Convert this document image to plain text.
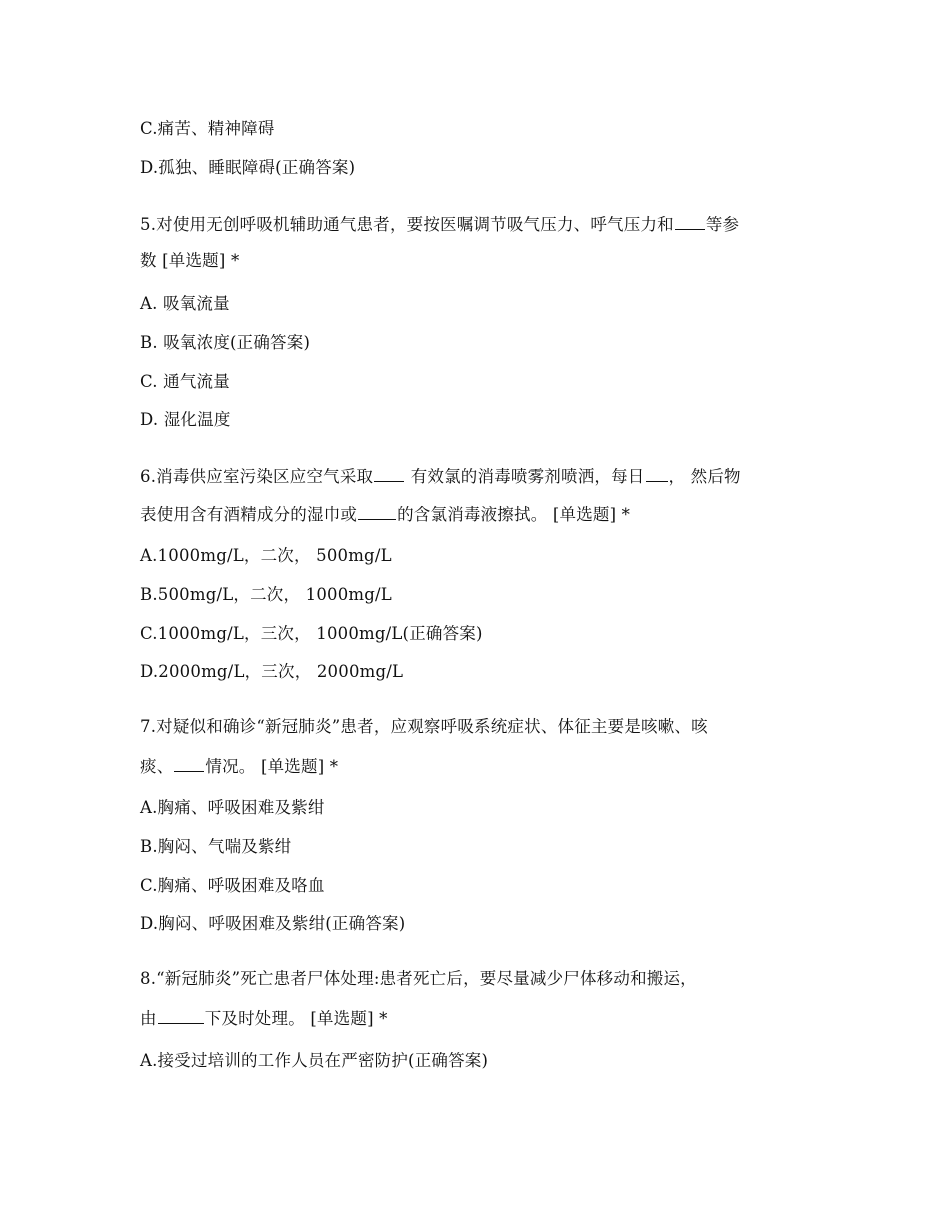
C.痛苦、精神障碍
D.孤独、睡眠障碍(正确答案)
5.对使用无创呼吸机辅助通气患者，要按医嘱调节吸气压力、呼气压力和 等参
数 [单选题] *
A. 吸氧流量
B. 吸氧浓度(正确答案)
C. 通气流量
D. 湿化温度
6.消毒供应室污染区应空气采取 有效氯的消毒喷雾剂喷洒，每日 ， 然后物
表使用含有酒精成分的湿巾或 的含氯消毒液擦拭。 [单选题] *
A.1000mg/L，二次， 500mg/L
B.500mg/L，二次， 1000mg/L
C.1000mg/L，三次， 1000mg/L(正确答案)
D.2000mg/L，三次， 2000mg/L
7.对疑似和确诊“新冠肺炎”患者，应观察呼吸系统症状、体征主要是咳嗽、咳
痰、 情况。 [单选题] *
A.胸痛、呼吸困难及紫绀
B.胸闷、气喘及紫绀
C.胸痛、呼吸困难及咯血
D.胸闷、呼吸困难及紫绀(正确答案)
8.“新冠肺炎”死亡患者尸体处理:患者死亡后，要尽量减少尸体移动和搬运，
由	下及时处理。 [单选题] *
A.接受过培训的工作人员在严密防护(正确答案)
